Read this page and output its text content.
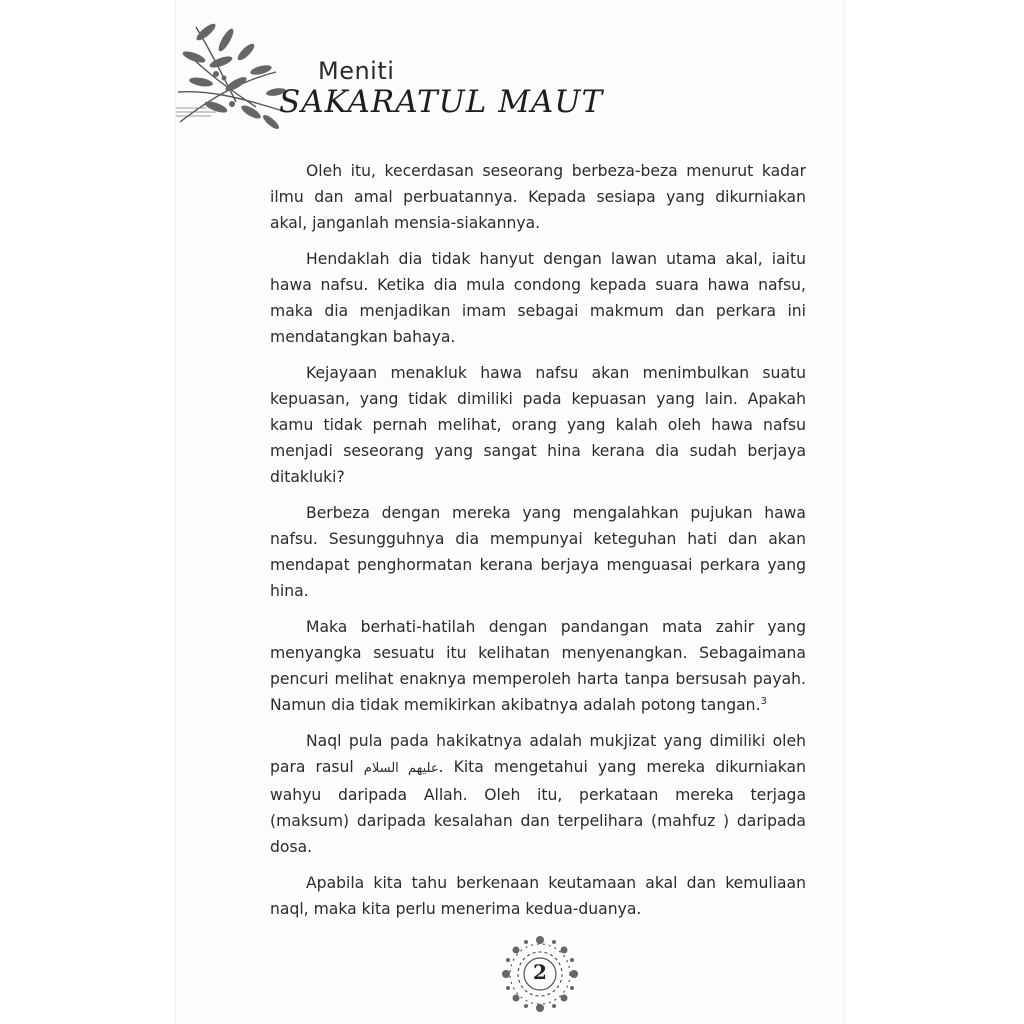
Meniti
SAKARATUL MAUT

Oleh itu, kecerdasan seseorang berbeza-beza menurut kadar ilmu dan amal perbuatannya. Kepada sesiapa yang dikurniakan akal, janganlah mensia-siakannya.

Hendaklah dia tidak hanyut dengan lawan utama akal, iaitu hawa nafsu. Ketika dia mula condong kepada suara hawa nafsu, maka dia menjadikan imam sebagai makmum dan perkara ini mendatangkan bahaya.

Kejayaan menakluk hawa nafsu akan menimbulkan suatu kepuasan, yang tidak dimiliki pada kepuasan yang lain. Apakah kamu tidak pernah melihat, orang yang kalah oleh hawa nafsu menjadi seseorang yang sangat hina kerana dia sudah berjaya ditakluki?

Berbeza dengan mereka yang mengalahkan pujukan hawa nafsu. Sesungguhnya dia mempunyai keteguhan hati dan akan mendapat penghormatan kerana berjaya menguasai perkara yang hina.

Maka berhati-hatilah dengan pandangan mata zahir yang menyangka sesuatu itu kelihatan menyenangkan. Sebagaimana pencuri melihat enaknya memperoleh harta tanpa bersusah payah. Namun dia tidak memikirkan akibatnya adalah potong tangan.$^3$

Naql pula pada hakikatnya adalah mukjizat yang dimiliki oleh para rasul عليهم السلام. Kita mengetahui yang mereka dikurniakan wahyu daripada Allah. Oleh itu, perkataan mereka terjaga (maksum) daripada kesalahan dan terpelihara (mahfuz ) daripada dosa.

Apabila kita tahu berkenaan keutamaan akal dan kemuliaan naql, maka kita perlu menerima kedua-duanya.

2
